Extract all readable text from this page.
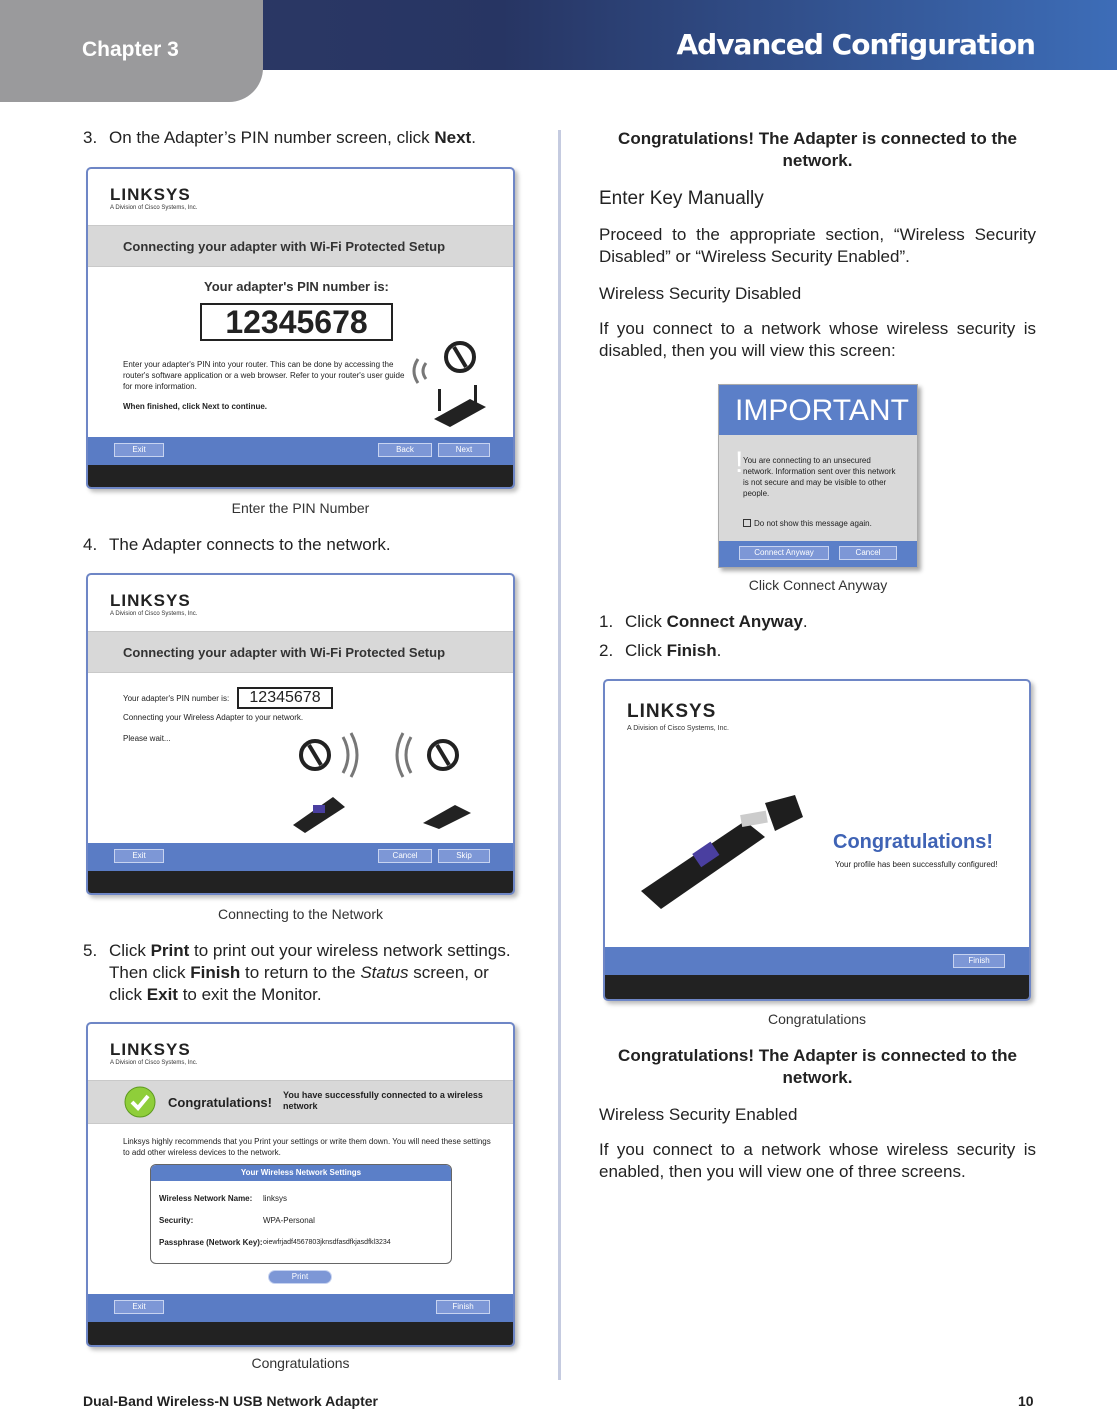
Chapter 3	Advanced Configuration
3. On the Adapter’s PIN number screen, click Next.
LINKSYS
A Division of Cisco Systems, Inc.
Connecting your adapter with Wi-Fi Protected Setup
Your adapter's PIN number is:
12345678
Enter your adapter's PIN into your router. This can be done by accessing the router's software application or a web browser. Refer to your router's user guide for more information.
When finished, click Next to continue.
Exit	Back	Next
Enter the PIN Number
4. The Adapter connects to the network.
LINKSYS
A Division of Cisco Systems, Inc.
Connecting your adapter with Wi-Fi Protected Setup
Your adapter's PIN number is:	12345678
Connecting your Wireless Adapter to your network.
Please wait...
Exit	Cancel	Skip
Connecting to the Network
5. Click Print to print out your wireless network settings. Then click Finish to return to the Status screen, or click Exit to exit the Monitor.
LINKSYS
A Division of Cisco Systems, Inc.
Congratulations! You have successfully connected to a wireless network
Linksys highly recommends that you Print your settings or write them down. You will need these settings to add other wireless devices to the network.
Your Wireless Network Settings
Wireless Network Name: linksys
Security:	WPA-Personal
Passphrase (Network Key): oiewfrjadf4567803jknsdfasdfkjasdfkl3234
Print
Exit	Finish
Congratulations
Congratulations! The Adapter is connected to the network.
Enter Key Manually
Proceed to the appropriate section, “Wireless Security Disabled” or “Wireless Security Enabled”.
Wireless Security Disabled
If you connect to a network whose wireless security is disabled, then you will view this screen:
IMPORTANT ! You are connecting to an unsecured network. Information sent over this network is not secure and may be visible to other people.
Do not show this message again.
Connect Anyway	Cancel
Click Connect Anyway
1. Click Connect Anyway.
2. Click Finish.
LINKSYS
A Division of Cisco Systems, Inc.
Congratulations!
Your profile has been successfully configured!
Finish
Congratulations
Congratulations! The Adapter is connected to the network.
Wireless Security Enabled
If you connect to a network whose wireless security is enabled, then you will view one of three screens.
Dual-Band Wireless-N USB Network Adapter	10
